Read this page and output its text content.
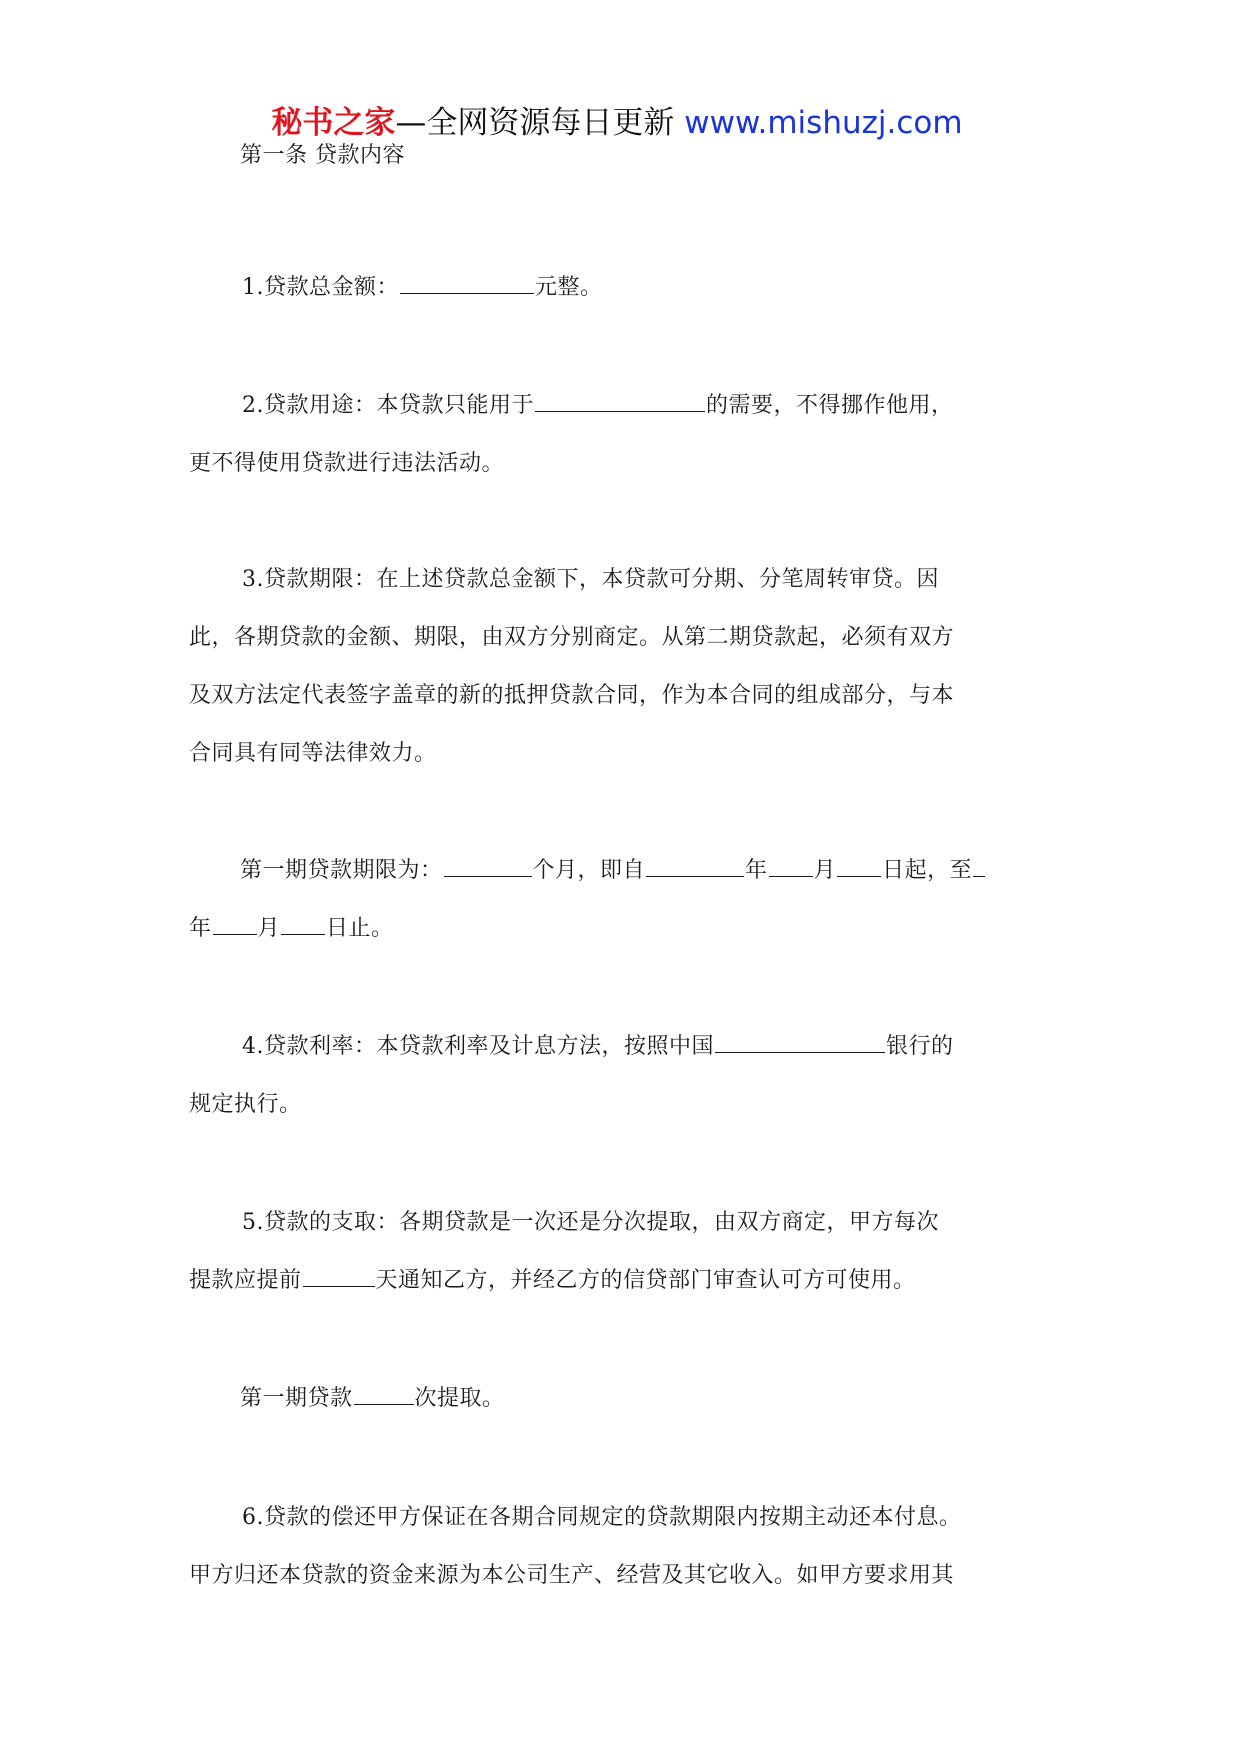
秘书之家—全网资源每日更新 www.mishuzj.com
第一条 贷款内容
1.贷款总金额：	元整。
2.贷款用途：本贷款只能用于	的需要，不得挪作他用，
更不得使用贷款进行违法活动。
3.贷款期限：在上述贷款总金额下，本贷款可分期、分笔周转审贷。因
此，各期贷款的金额、期限，由双方分别商定。从第二期贷款起，必须有双方
及双方法定代表签字盖章的新的抵押贷款合同，作为本合同的组成部分，与本
合同具有同等法律效力。
第一期贷款期限为：	个月，即自	年 月 日起，至
年 月 日止。
4.贷款利率：本贷款利率及计息方法，按照中国	银行的
规定执行。
5.贷款的支取：各期贷款是一次还是分次提取，由双方商定，甲方每次
提款应提前	天通知乙方，并经乙方的信贷部门审查认可方可使用。
第一期贷款	次提取。
6.贷款的偿还甲方保证在各期合同规定的贷款期限内按期主动还本付息。
甲方归还本贷款的资金来源为本公司生产、经营及其它收入。如甲方要求用其
